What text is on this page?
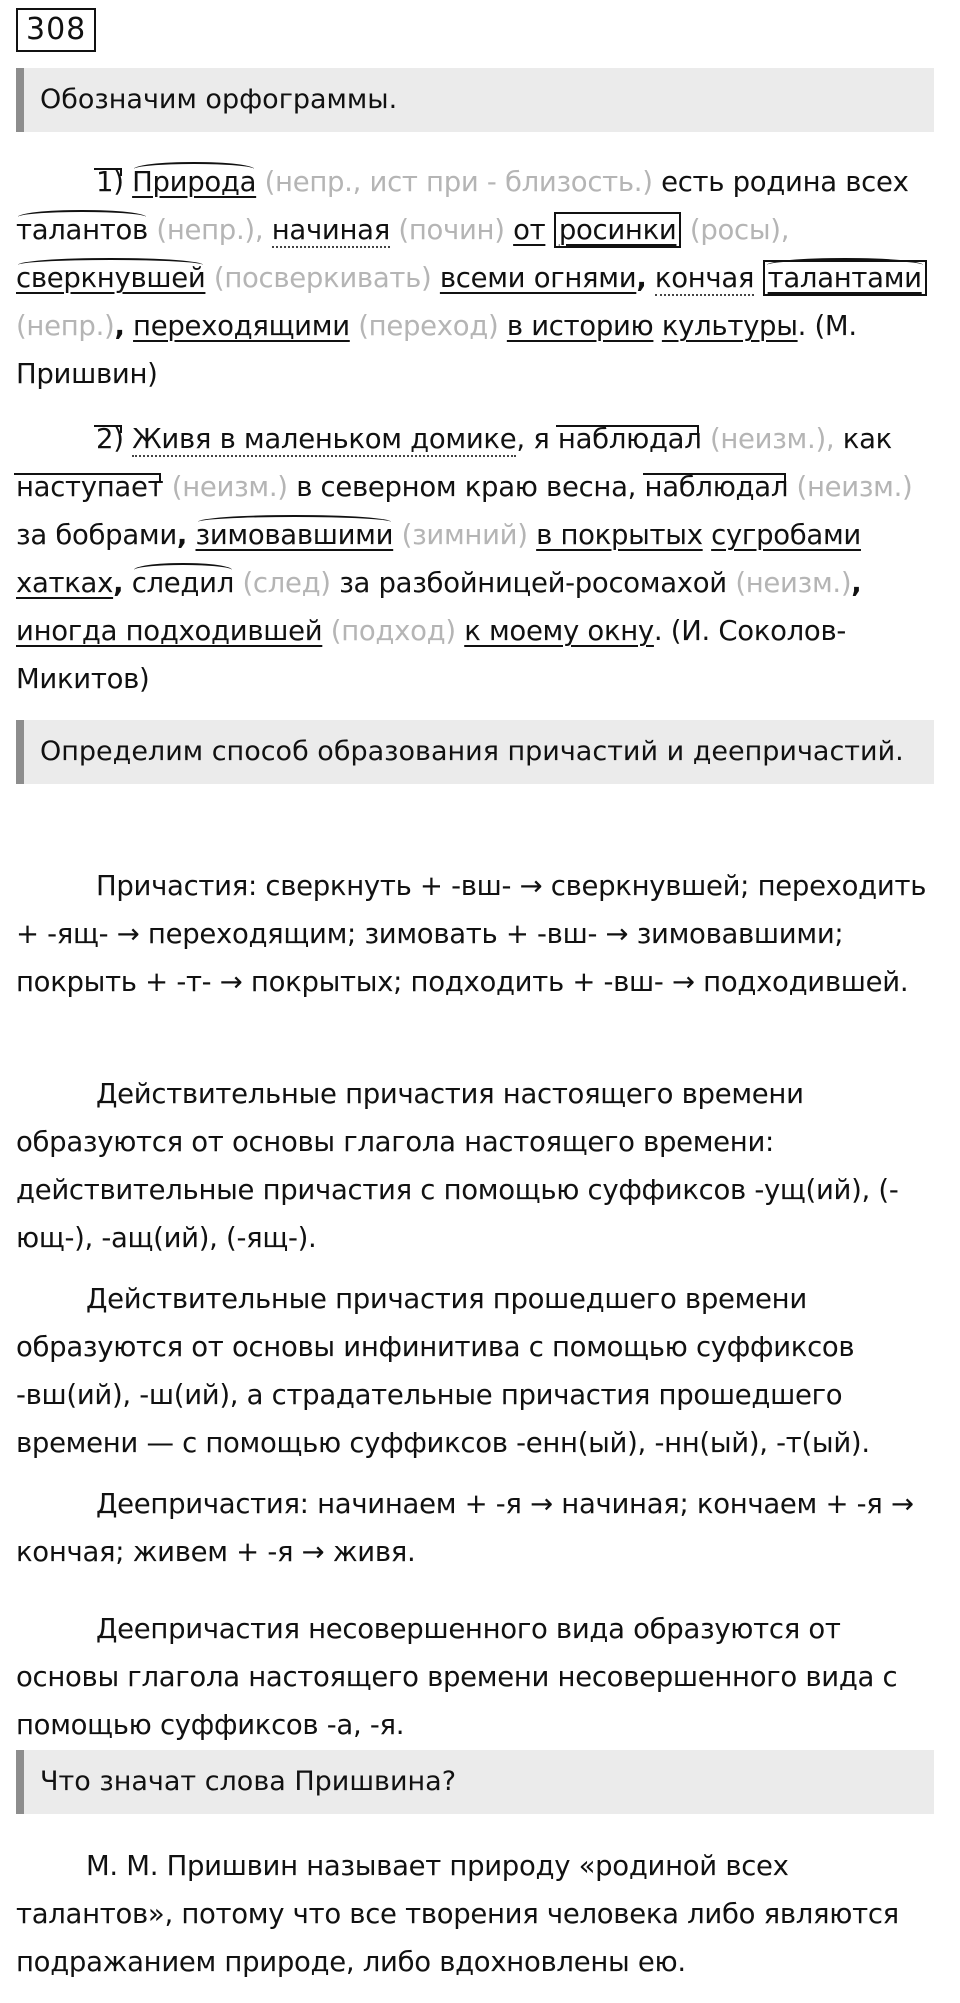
308
Обозначим орфограммы.
1) Природа (непр., ист при - близость.) есть родина всех талантов (непр.), начиная (почин) от росинки (росы), сверкнувшей (посверкивать) всеми огнями, кончая талантами (непр.), переходящими (переход) в историю культуры. (М. Пришвин)
2) Живя в маленьком домике, я наблюдал (неизм.), как наступает (неизм.) в северном краю весна, наблюдал (неизм.) за бобрами, зимовавшими (зимний) в покрытых сугробами хатках, следил (след) за разбойницей-росомахой (неизм.), иногда подходившей (подход) к моему окну. (И. Соколов-Микитов)
Определим способ образования причастий и деепричастий.
Причастия: сверкнуть + -вш- → сверкнувшей; переходить + -ящ- → переходящим; зимовать + -вш- → зимовавшими; покрыть + -т- → покрытых; подходить + -вш- → подходившей.
Действительные причастия настоящего времени образуются от основы глагола настоящего времени: действительные причастия с помощью суффиксов -ущ(ий), (-ющ-), -ащ(ий), (-ящ-).
Действительные причастия прошедшего времени образуются от основы инфинитива с помощью суффиксов -вш(ий), -ш(ий), а страдательные причастия прошедшего времени — с помощью суффиксов -енн(ый), -нн(ый), -т(ый).
Деепричастия: начинаем + -я → начиная; кончаем + -я → кончая; живем + -я → живя.
Деепричастия несовершенного вида образуются от основы глагола настоящего времени несовершенного вида с помощью суффиксов -а, -я.
Что значат слова Пришвина?
М. М. Пришвин называет природу «родиной всех талантов», потому что все творения человека либо являются подражанием природе, либо вдохновлены ею.
